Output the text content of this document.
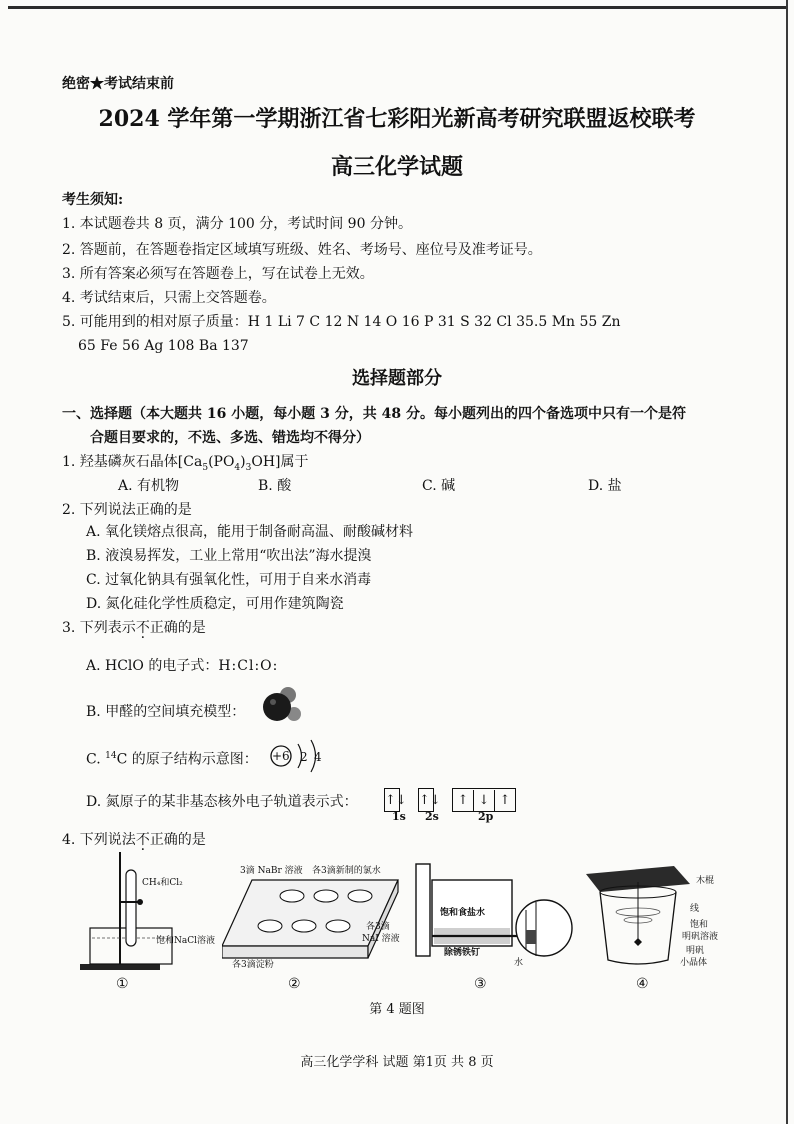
绝密★考试结束前
2024 学年第一学期浙江省七彩阳光新高考研究联盟返校联考
高三化学试题
考生须知:
1. 本试题卷共 8 页，满分 100 分，考试时间 90 分钟。
2. 答题前，在答题卷指定区域填写班级、姓名、考场号、座位号及准考证号。
3. 所有答案必须写在答题卷上，写在试卷上无效。
4. 考试结束后，只需上交答题卷。
5. 可能用到的相对原子质量：H 1 Li 7 C 12 N 14 O 16 P 31 S 32 Cl 35.5 Mn 55 Zn
65 Fe 56 Ag 108 Ba 137
选择题部分
一、选择题（本大题共 16 小题，每小题 3 分，共 48 分。每小题列出的四个备选项中只有一个是符
合题目要求的，不选、多选、错选均不得分）
1. 羟基磷灰石晶体$[Ca_5(PO_4)_3OH]$属于
A. 有机物	B. 酸	C. 碱	D. 盐
2. 下列说法正确的是
A. 氧化镁熔点很高，能用于制备耐高温、耐酸碱材料
B. 液溴易挥发，工业上常用“吹出法”海水提溴
C. 过氧化钠具有强氧化性，可用于自来水消毒
D. 氮化硅化学性质稳定，可用作建筑陶瓷
3. 下列表示不正确的是
A. HClO 的电子式：H:Cl:O:
B. 甲醛的空间填充模型：
C. $^{14}$C 的原子结构示意图： +6 2 4
D. 氮原子的某非基态核外电子轨道表示式： ↑↓ ↑↓	↑ ↓ ↑
1s 2s	2p
4. 下列说法不正确的是
CH₄和Cl₂
饱和NaCl溶液
①
3滴 NaBr 溶液 各3滴新制的氯水
各3滴
NaI 溶液
各3滴淀粉
②
饱和食盐水
除锈铁钉
水
③
木棍
线
饱和
明矾溶液
明矾
小晶体
④
第 4 题图
高三化学学科 试题 第1页 共 8 页
